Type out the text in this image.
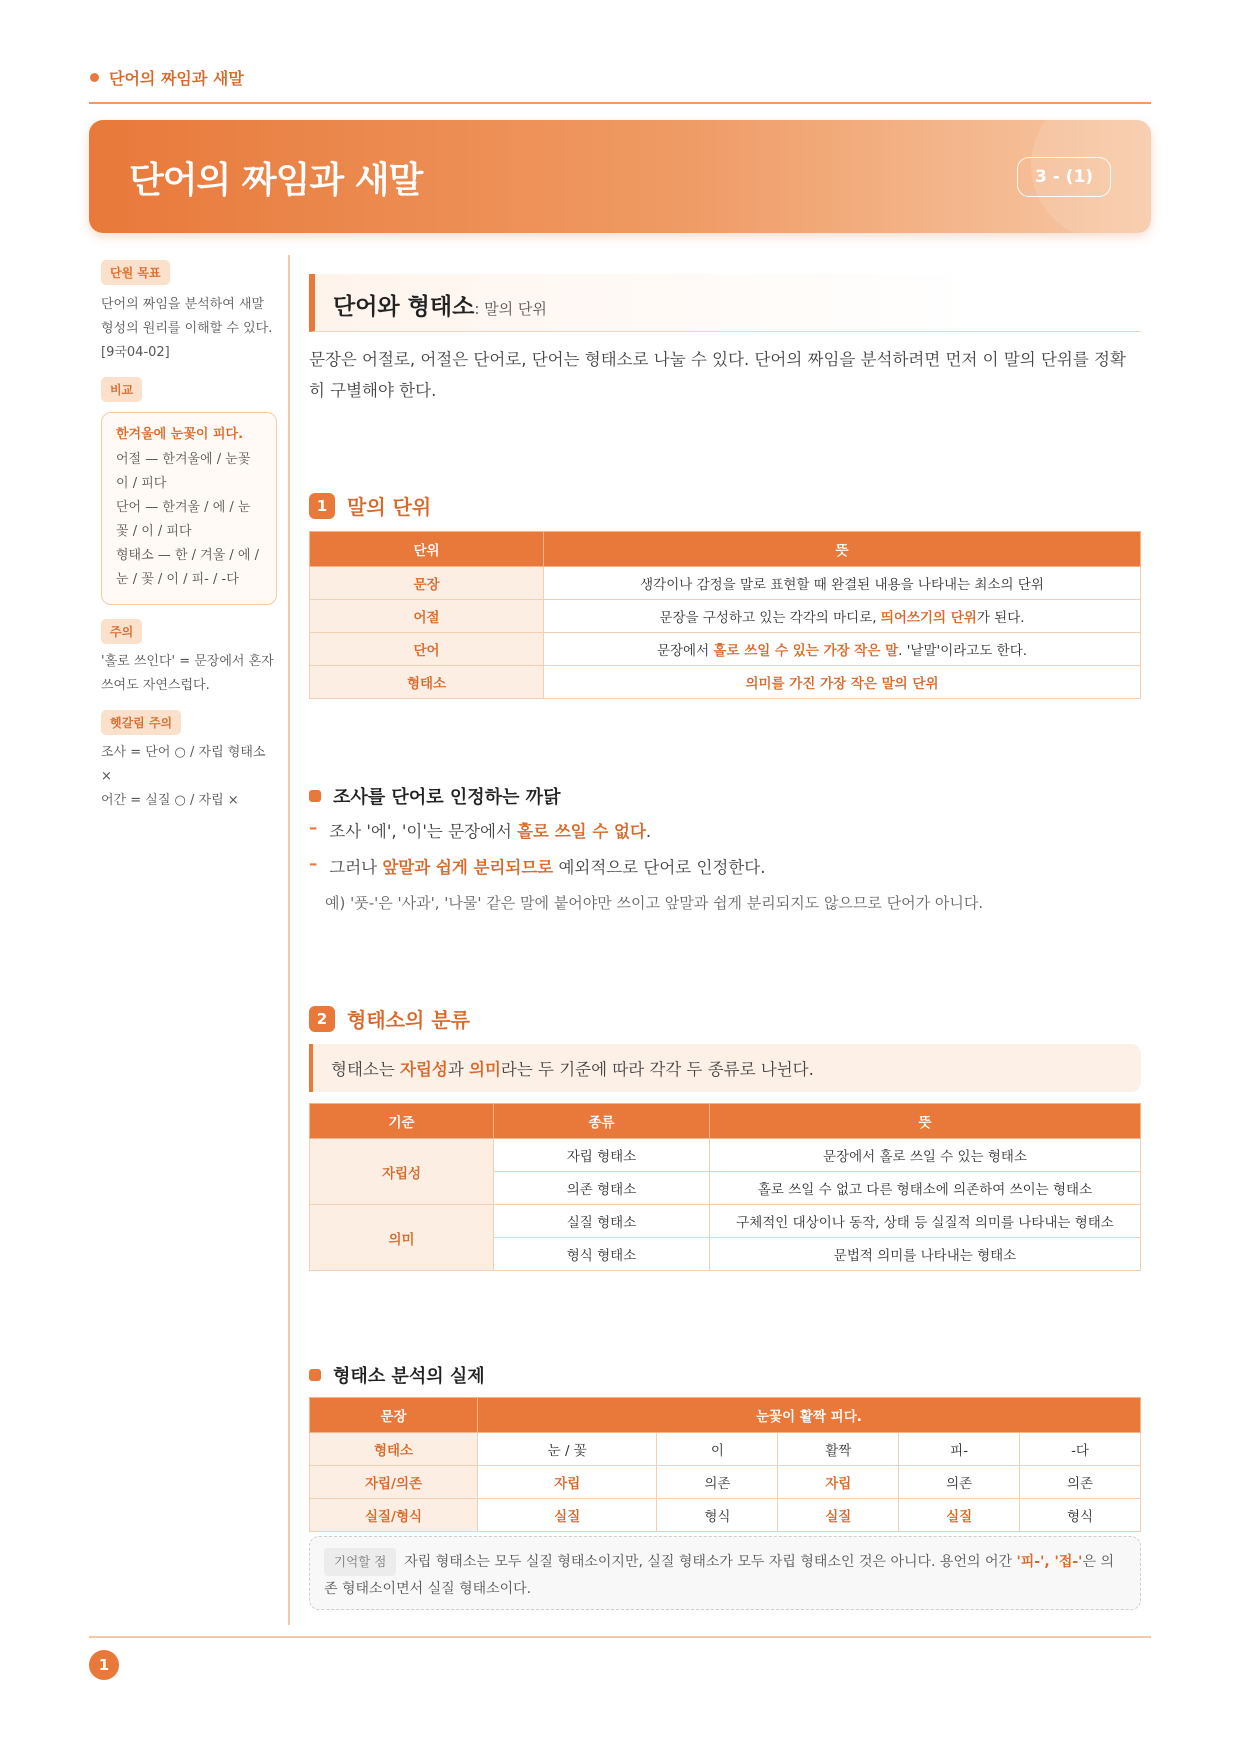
단어의 짜임과 새말
단어의 짜임과 새말	3 - (1)
단원 목표

단어의 짜임을 분석하여 새말 형성의 원리를 이해할 수 있다.

[9국04-02]

비교
한겨울에 눈꽃이 피다.

어절 — 한겨울에 / 눈꽃

이 / 피다

단어 — 한겨울 / 에 / 눈

꽃 / 이 / 피다

형태소 — 한 / 겨울 / 에 /

눈 / 꽃 / 이 / 피- / -다

주의

'홀로 쓰인다' = 문장에서 혼자 쓰여도 자연스럽다.

헷갈림 주의

조사 = 단어 ○ / 자립 형태소 ×

어간 = 실질 ○ / 자립 ×

단어와 형태소: 말의 단위
문장은 어절로, 어절은 단어로, 단어는 형태소로 나눌 수 있다. 단어의 짜임을 분석하려면 먼저 이 말의 단위를 정확히 구별해야 한다.
1 말의 단위
단위	뜻
문장	생각이나 감정을 말로 표현할 때 완결된 내용을 나타내는 최소의 단위
어절	문장을 구성하고 있는 각각의 마디로, 띄어쓰기의 단위가 된다.
단어	문장에서 홀로 쓰일 수 있는 가장 작은 말. '낱말'이라고도 한다.
형태소	의미를 가진 가장 작은 말의 단위
조사를 단어로 인정하는 까닭
– 조사 '에', '이'는 문장에서 홀로 쓰일 수 없다.
– 그러나 앞말과 쉽게 분리되므로 예외적으로 단어로 인정한다.
예) '풋-'은 '사과', '나물' 같은 말에 붙어야만 쓰이고 앞말과 쉽게 분리되지도 않으므로 단어가 아니다.
2 형태소의 분류
형태소는 자립성과 의미라는 두 기준에 따라 각각 두 종류로 나뉜다.
기준	종류	뜻
자립성	자립 형태소	문장에서 홀로 쓰일 수 있는 형태소
	의존 형태소	홀로 쓰일 수 없고 다른 형태소에 의존하여 쓰이는 형태소
의미	실질 형태소	구체적인 대상이나 동작, 상태 등 실질적 의미를 나타내는 형태소
	형식 형태소	문법적 의미를 나타내는 형태소
형태소 분석의 실제
문장	눈꽃이 활짝 피다.				
형태소	눈 / 꽃	이	활짝	피-	-다
자립/의존	자립	의존	자립	의존	의존
실질/형식	실질	형식	실질	실질	형식
기억할 점 자립 형태소는 모두 실질 형태소이지만, 실질 형태소가 모두 자립 형태소인 것은 아니다. 용언의 어간 '피-', '접-'은 의존 형태소이면서 실질 형태소이다.
1
